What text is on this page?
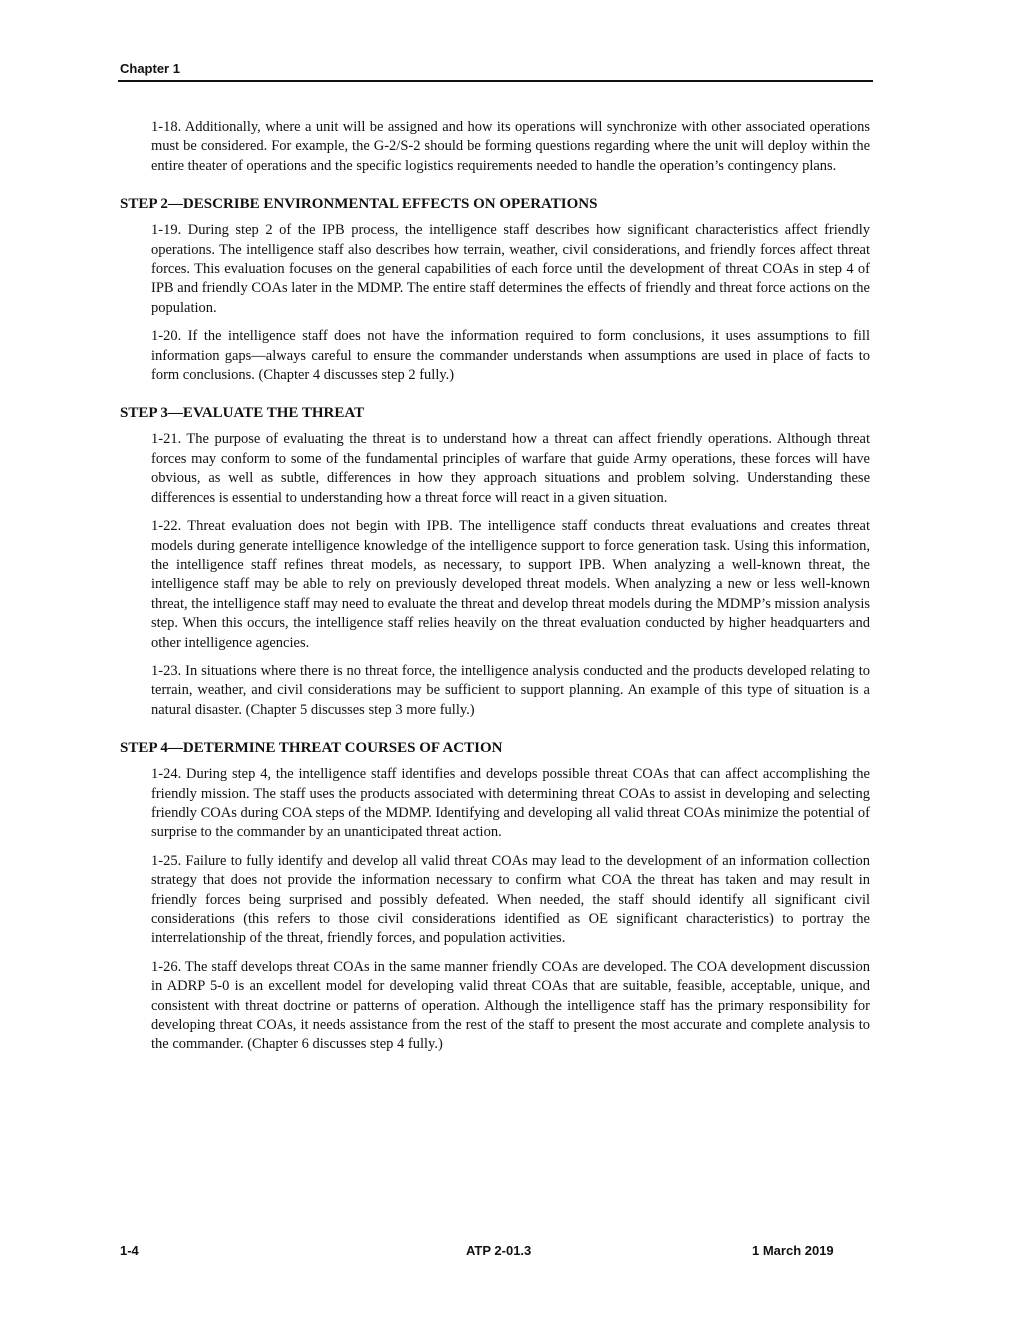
Chapter 1

1-18. Additionally, where a unit will be assigned and how its operations will synchronize with other associated operations must be considered. For example, the G-2/S-2 should be forming questions regarding where the unit will deploy within the entire theater of operations and the specific logistics requirements needed to handle the operation’s contingency plans.

STEP 2—DESCRIBE ENVIRONMENTAL EFFECTS ON OPERATIONS

1-19. During step 2 of the IPB process, the intelligence staff describes how significant characteristics affect friendly operations. The intelligence staff also describes how terrain, weather, civil considerations, and friendly forces affect threat forces. This evaluation focuses on the general capabilities of each force until the development of threat COAs in step 4 of IPB and friendly COAs later in the MDMP. The entire staff determines the effects of friendly and threat force actions on the population.

1-20. If the intelligence staff does not have the information required to form conclusions, it uses assumptions to fill information gaps—always careful to ensure the commander understands when assumptions are used in place of facts to form conclusions. (Chapter 4 discusses step 2 fully.)

STEP 3—EVALUATE THE THREAT

1-21. The purpose of evaluating the threat is to understand how a threat can affect friendly operations. Although threat forces may conform to some of the fundamental principles of warfare that guide Army operations, these forces will have obvious, as well as subtle, differences in how they approach situations and problem solving. Understanding these differences is essential to understanding how a threat force will react in a given situation.

1-22. Threat evaluation does not begin with IPB. The intelligence staff conducts threat evaluations and creates threat models during generate intelligence knowledge of the intelligence support to force generation task. Using this information, the intelligence staff refines threat models, as necessary, to support IPB. When analyzing a well-known threat, the intelligence staff may be able to rely on previously developed threat models. When analyzing a new or less well-known threat, the intelligence staff may need to evaluate the threat and develop threat models during the MDMP’s mission analysis step. When this occurs, the intelligence staff relies heavily on the threat evaluation conducted by higher headquarters and other intelligence agencies.

1-23. In situations where there is no threat force, the intelligence analysis conducted and the products developed relating to terrain, weather, and civil considerations may be sufficient to support planning. An example of this type of situation is a natural disaster. (Chapter 5 discusses step 3 more fully.)

STEP 4—DETERMINE THREAT COURSES OF ACTION

1-24. During step 4, the intelligence staff identifies and develops possible threat COAs that can affect accomplishing the friendly mission. The staff uses the products associated with determining threat COAs to assist in developing and selecting friendly COAs during COA steps of the MDMP. Identifying and developing all valid threat COAs minimize the potential of surprise to the commander by an unanticipated threat action.

1-25. Failure to fully identify and develop all valid threat COAs may lead to the development of an information collection strategy that does not provide the information necessary to confirm what COA the threat has taken and may result in friendly forces being surprised and possibly defeated. When needed, the staff should identify all significant civil considerations (this refers to those civil considerations identified as OE significant characteristics) to portray the interrelationship of the threat, friendly forces, and population activities.

1-26. The staff develops threat COAs in the same manner friendly COAs are developed. The COA development discussion in ADRP 5-0 is an excellent model for developing valid threat COAs that are suitable, feasible, acceptable, unique, and consistent with threat doctrine or patterns of operation. Although the intelligence staff has the primary responsibility for developing threat COAs, it needs assistance from the rest of the staff to present the most accurate and complete analysis to the commander. (Chapter 6 discusses step 4 fully.)

1-4	ATP 2-01.3	1 March 2019
